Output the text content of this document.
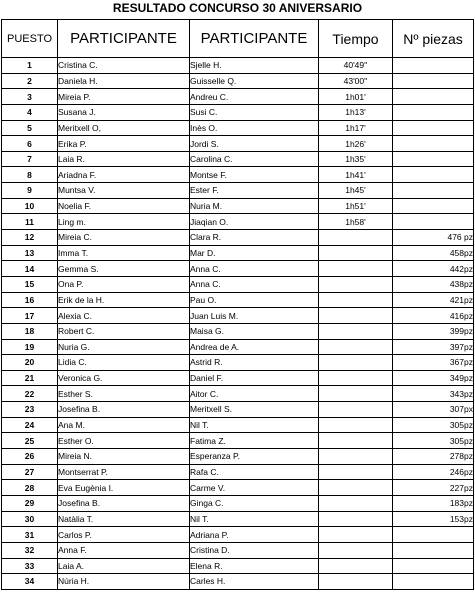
RESULTADO CONCURSO 30 ANIVERSARIO
PUESTO	PARTICIPANTE	PARTICIPANTE	Tiempo	Nº piezas
1	Cristina C.	Sjelle H.	40'49''	
2	Daniela H.	Guisselle Q.	43'00''	
3	Mireia P.	Andreu C.	1h01'	
4	Susana J.	Susi C.	1h13'	
5	Meritxell O,	Inès O.	1h17'	
6	Erika P.	Jordi S.	1h26'	
7	Laia R.	Carolina C.	1h35'	
8	Ariadna F.	Montse F.	1h41'	
9	Muntsa V.	Ester F.	1h45'	
10	Noelia F.	Nuria M.	1h51'	
11	Ling m.	Jiaqian O.	1h58'	
12	Mireia C.	Clara R.		476 pz
13	Imma T.	Mar D.		458pz
14	Gemma S.	Anna C.		442pz
15	Ona P.	Anna C.		438pz
16	Erik de la H.	Pau O.		421pz
17	Alexia C.	Juan Luis M.		416pz
18	Robert C.	Maisa G.		399pz
19	Nuria G.	Andrea de A.		397pz
20	Lidia C.	Astrid R.		367pz
21	Veronica G.	Daniel F.		349pz
22	Esther S.	Aitor C.		343pz
23	Josefina B.	Meritxell S.		307px
24	Ana M.	Nil T.		305pz
25	Esther O.	Fatima Z.		305pz
26	Mireia N.	Esperanza P.		278pz
27	Montserrat P.	Rafa C.		246pz
28	Eva Eugènia I.	Carme V.		227pz
29	Josefina B.	Ginga C.		183pz
30	Natàlia T.	Nil T.		153pz
31	Carlos P.	Adriana P.		
32	Anna F.	Cristina D.		
33	Laia A.	Elena R.		
34	Núria H.	Carles H.		
